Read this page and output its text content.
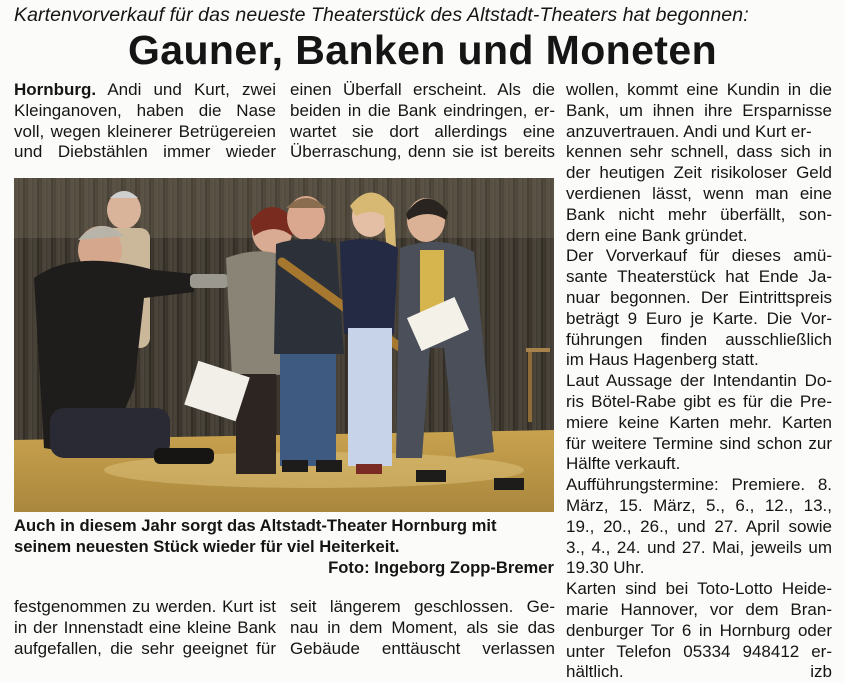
Kartenvorverkauf für das neueste Theaterstück des Altstadt-Theaters hat begonnen:
Gauner, Banken und Moneten
Hornburg. Andi und Kurt, zwei
Kleinganoven, haben die Nase
voll, wegen kleinerer Betrügereien
und Diebstählen immer wieder
einen Überfall erscheint. Als die
beiden in die Bank eindringen, er-
wartet sie dort allerdings eine
Überraschung, denn sie ist bereits
wollen, kommt eine Kundin in die
Bank, um ihnen ihre Ersparnisse
anzuvertrauen. Andi und Kurt er-
kennen sehr schnell, dass sich in
der heutigen Zeit risikoloser Geld
verdienen lässt, wenn man eine
Bank nicht mehr überfällt, son-
dern eine Bank gründet.
Der Vorverkauf für dieses amü-
sante Theaterstück hat Ende Ja-
nuar begonnen. Der Eintrittspreis
beträgt 9 Euro je Karte. Die Vor-
führungen finden ausschließlich
im Haus Hagenberg statt.
Laut Aussage der Intendantin Do-
ris Bötel-Rabe gibt es für die Pre-
miere keine Karten mehr. Karten
für weitere Termine sind schon zur
Hälfte verkauft.
Aufführungstermine: Premiere. 8.
März, 15. März, 5., 6., 12., 13.,
19., 20., 26., und 27. April sowie
3., 4., 24. und 27. Mai, jeweils um
19.30 Uhr.
Karten sind bei Toto-Lotto Heide-
marie Hannover, vor dem Bran-
denburger Tor 6 in Hornburg oder
unter Telefon 05334 948412 er-
hältlich.	izb
Auch in diesem Jahr sorgt das Altstadt-Theater Hornburg mit seinem neuesten Stück wieder für viel Heiterkeit.
Foto: Ingeborg Zopp-Bremer
festgenommen zu werden. Kurt ist
in der Innenstadt eine kleine Bank
aufgefallen, die sehr geeignet für
seit längerem geschlossen. Ge-
nau in dem Moment, als sie das
Gebäude enttäuscht verlassen
